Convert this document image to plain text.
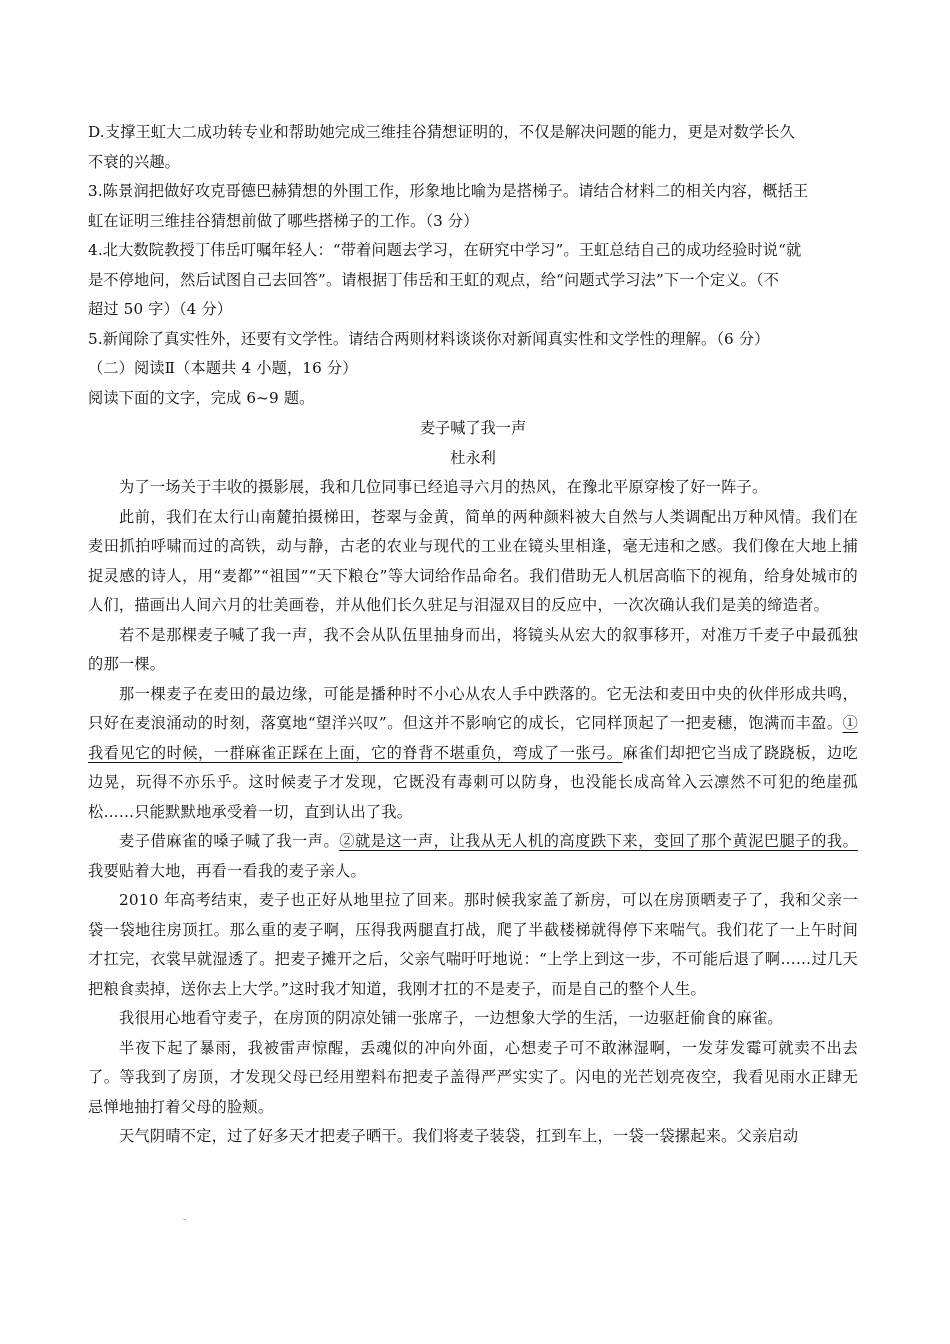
D.支撑王虹大二成功转专业和帮助她完成三维挂谷猜想证明的，不仅是解决问题的能力，更是对数学长久
不衰的兴趣。
3.陈景润把做好攻克哥德巴赫猜想的外围工作，形象地比喻为是搭梯子。请结合材料二的相关内容，概括王
虹在证明三维挂谷猜想前做了哪些搭梯子的工作。（3 分）
4.北大数院教授丁伟岳叮嘱年轻人：“带着问题去学习，在研究中学习”。王虹总结自己的成功经验时说“就
是不停地问，然后试图自己去回答”。请根据丁伟岳和王虹的观点，给“问题式学习法”下一个定义。（不
超过 50 字）（4 分）
5.新闻除了真实性外，还要有文学性。请结合两则材料谈谈你对新闻真实性和文学性的理解。（6 分）
（二）阅读Ⅱ（本题共 4 小题，16 分）
阅读下面的文字，完成 6~9 题。
麦子喊了我一声
杜永利

为了一场关于丰收的摄影展，我和几位同事已经追寻六月的热风，在豫北平原穿梭了好一阵子。

此前，我们在太行山南麓拍摄梯田，苍翠与金黄，简单的两种颜料被大自然与人类调配出万种风情。我们在麦田抓拍呼啸而过的高铁，动与静，古老的农业与现代的工业在镜头里相逢，毫无违和之感。我们像在大地上捕捉灵感的诗人，用“麦都”“祖国”“天下粮仓”等大词给作品命名。我们借助无人机居高临下的视角，给身处城市的人们，描画出人间六月的壮美画卷，并从他们长久驻足与泪湿双目的反应中，一次次确认我们是美的缔造者。

若不是那棵麦子喊了我一声，我不会从队伍里抽身而出，将镜头从宏大的叙事移开，对准万千麦子中最孤独的那一棵。

那一棵麦子在麦田的最边缘，可能是播种时不小心从农人手中跌落的。它无法和麦田中央的伙伴形成共鸣，只好在麦浪涌动的时刻，落寞地“望洋兴叹”。但这并不影响它的成长，它同样顶起了一把麦穗，饱满而丰盈。①我看见它的时候，一群麻雀正踩在上面，它的脊背不堪重负，弯成了一张弓。麻雀们却把它当成了跷跷板，边吃边晃，玩得不亦乐乎。这时候麦子才发现，它既没有毒刺可以防身，也没能长成高耸入云凛然不可犯的绝崖孤松……只能默默地承受着一切，直到认出了我。

麦子借麻雀的嗓子喊了我一声。②就是这一声，让我从无人机的高度跌下来，变回了那个黄泥巴腿子的我。我要贴着大地，再看一看我的麦子亲人。

2010 年高考结束，麦子也正好从地里拉了回来。那时候我家盖了新房，可以在房顶晒麦子了，我和父亲一袋一袋地往房顶扛。那么重的麦子啊，压得我两腿直打战，爬了半截楼梯就得停下来喘气。我们花了一上午时间才扛完，衣裳早就湿透了。把麦子摊开之后，父亲气喘吁吁地说：“上学上到这一步，不可能后退了啊……过几天把粮食卖掉，送你去上大学。”这时我才知道，我刚才扛的不是麦子，而是自己的整个人生。

我很用心地看守麦子，在房顶的阴凉处铺一张席子，一边想象大学的生活，一边驱赶偷食的麻雀。

半夜下起了暴雨，我被雷声惊醒，丢魂似的冲向外面，心想麦子可不敢淋湿啊，一发芽发霉可就卖不出去了。等我到了房顶，才发现父母已经用塑料布把麦子盖得严严实实了。闪电的光芒划亮夜空，我看见雨水正肆无忌惮地抽打着父母的脸颊。

天气阴晴不定，过了好多天才把麦子晒干。我们将麦子装袋，扛到车上，一袋一袋摞起来。父亲启动

-
